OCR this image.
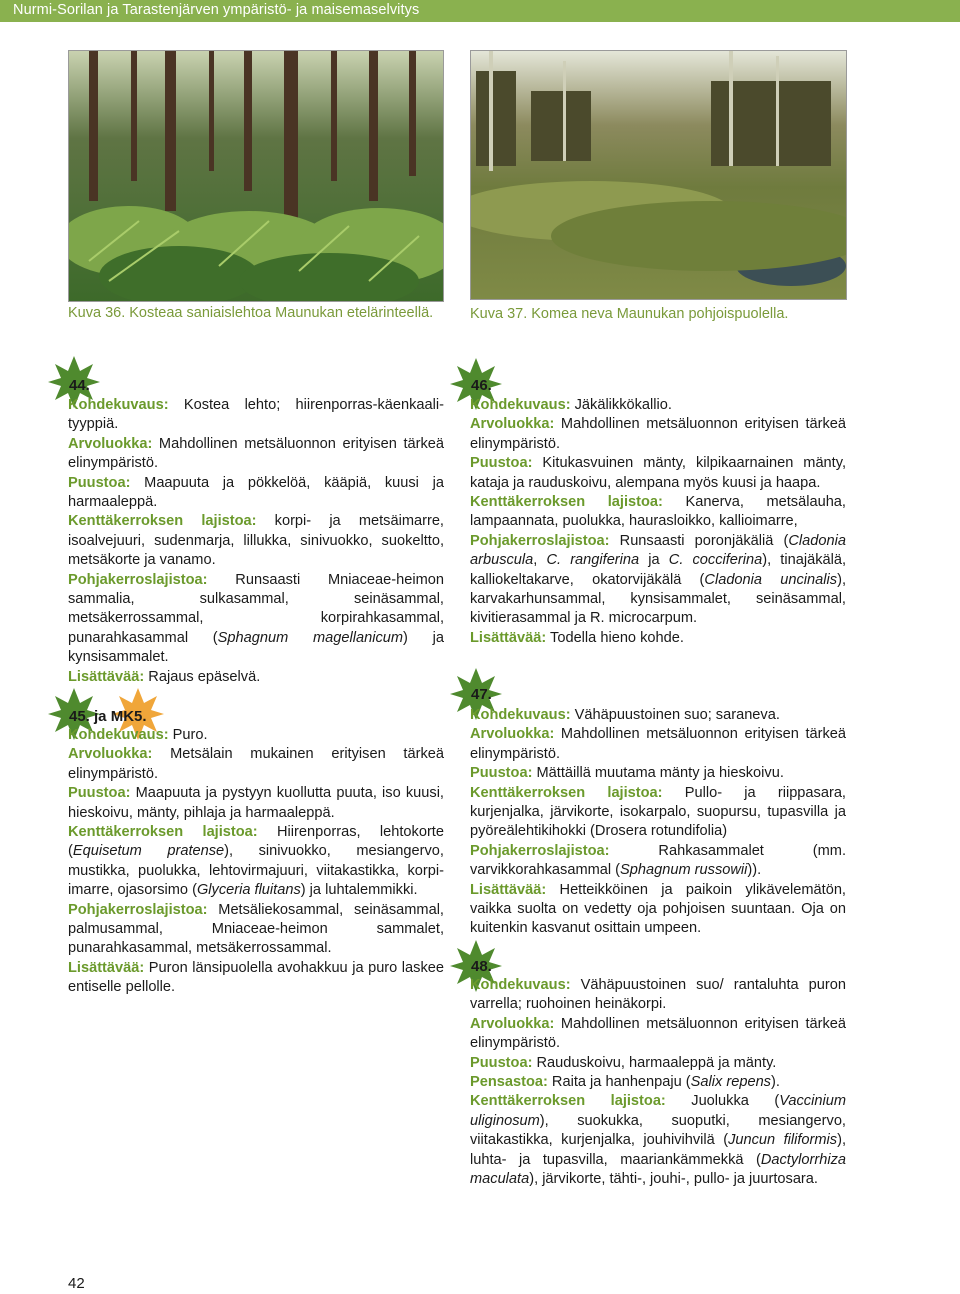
Nurmi-Sorilan ja Tarastenjärven ympäristö- ja maisemaselvitys
Kuva 36. Kosteaa saniaislehtoa Maunukan etelärinteellä.	Kuva 37. Komea neva Maunukan pohjoispuolella.
44.
45. ja MK5.
46.
47.
48.

Kohdekuvaus: Kostea lehto; hiirenporras-käenkaali-tyyppiä.

Arvoluokka: Mahdollinen metsäluonnon erityisen tärkeä elinympäristö.

Puustoa: Maapuuta ja pökkelöä, kääpiä, kuusi ja harmaaleppä.

Kenttäkerroksen lajistoa: korpi- ja metsäimarre, isoalvejuuri, sudenmarja, lillukka, sinivuokko, suokeltto, metsäkorte ja vanamo.

Pohjakerroslajistoa: Runsaasti Mniaceae-heimon sammalia, sulkasammal, seinäsammal, metsäkerrossammal, korpirahkasammal, punarahkasammal (Sphagnum magellanicum) ja kynsisammalet.

Lisättävää: Rajaus epäselvä.

Kohdekuvaus: Puro.

Arvoluokka: Metsälain mukainen erityisen tärkeä elinympäristö.

Puustoa: Maapuuta ja pystyyn kuollutta puuta, iso kuusi, hieskoivu, mänty, pihlaja ja harmaaleppä.

Kenttäkerroksen lajistoa: Hiirenporras, lehtokorte (Equisetum pratense), sinivuokko, mesiangervo, mustikka, puolukka, lehtovirmajuuri, viitakastikka, korpi-imarre, ojasorsimo (Glyceria fluitans) ja luhtalemmikki.

Pohjakerroslajistoa: Metsäliekosammal, seinäsammal, palmusammal, Mniaceae-heimon sammalet, punarahkasammal, metsäkerrossammal.

Lisättävää: Puron länsipuolella avohakkuu ja puro laskee entiselle pellolle.

Kohdekuvaus: Jäkälikkökallio.

Arvoluokka: Mahdollinen metsäluonnon erityisen tärkeä elinympäristö.

Puustoa: Kitukasvuinen mänty, kilpikaarnainen mänty, kataja ja rauduskoivu, alempana myös kuusi ja haapa.

Kenttäkerroksen lajistoa: Kanerva, metsälauha, lampaannata, puolukka, haurasloikko, kallioimarre,

Pohjakerroslajistoa: Runsaasti poronjäkäliä (Cladonia arbuscula, C. rangiferina ja C. cocciferina), tinajäkälä, kalliokeltakarve, okatorvijäkälä (Cladonia uncinalis), karvakarhunsammal, kynsisammalet, seinäsammal, kivitierasammal ja R. microcarpum.

Lisättävää: Todella hieno kohde.

Kohdekuvaus: Vähäpuustoinen suo; saraneva.

Arvoluokka: Mahdollinen metsäluonnon erityisen tärkeä elinympäristö.

Puustoa: Mättäillä muutama mänty ja hieskoivu.

Kenttäkerroksen lajistoa: Pullo- ja riippasara, kurjenjalka, järvikorte, isokarpalo, suopursu, tupasvilla ja pyöreälehtikihokki (Drosera rotundifolia)

Pohjakerroslajistoa: Rahkasammalet (mm. varvikkorahkasammal (Sphagnum russowii)).

Lisättävää: Hetteikköinen ja paikoin ylikävelemätön, vaikka suolta on vedetty oja pohjoisen suuntaan. Oja on kuitenkin kasvanut osittain umpeen.

Kohdekuvaus: Vähäpuustoinen suo/ rantaluhta puron varrella; ruohoinen heinäkorpi.

Arvoluokka: Mahdollinen metsäluonnon erityisen tärkeä elinympäristö.

Puustoa: Rauduskoivu, harmaaleppä ja mänty.

Pensastoa: Raita ja hanhenpaju (Salix repens).

Kenttäkerroksen lajistoa: Juolukka (Vaccinium uliginosum), suokukka, suoputki, mesiangervo, viitakastikka, kurjenjalka, jouhivihvilä (Juncun filiformis), luhta- ja tupasvilla, maariankämmekkä (Dactylorrhiza maculata), järvikorte, tähti-, jouhi-, pullo- ja juurtosara.

42
